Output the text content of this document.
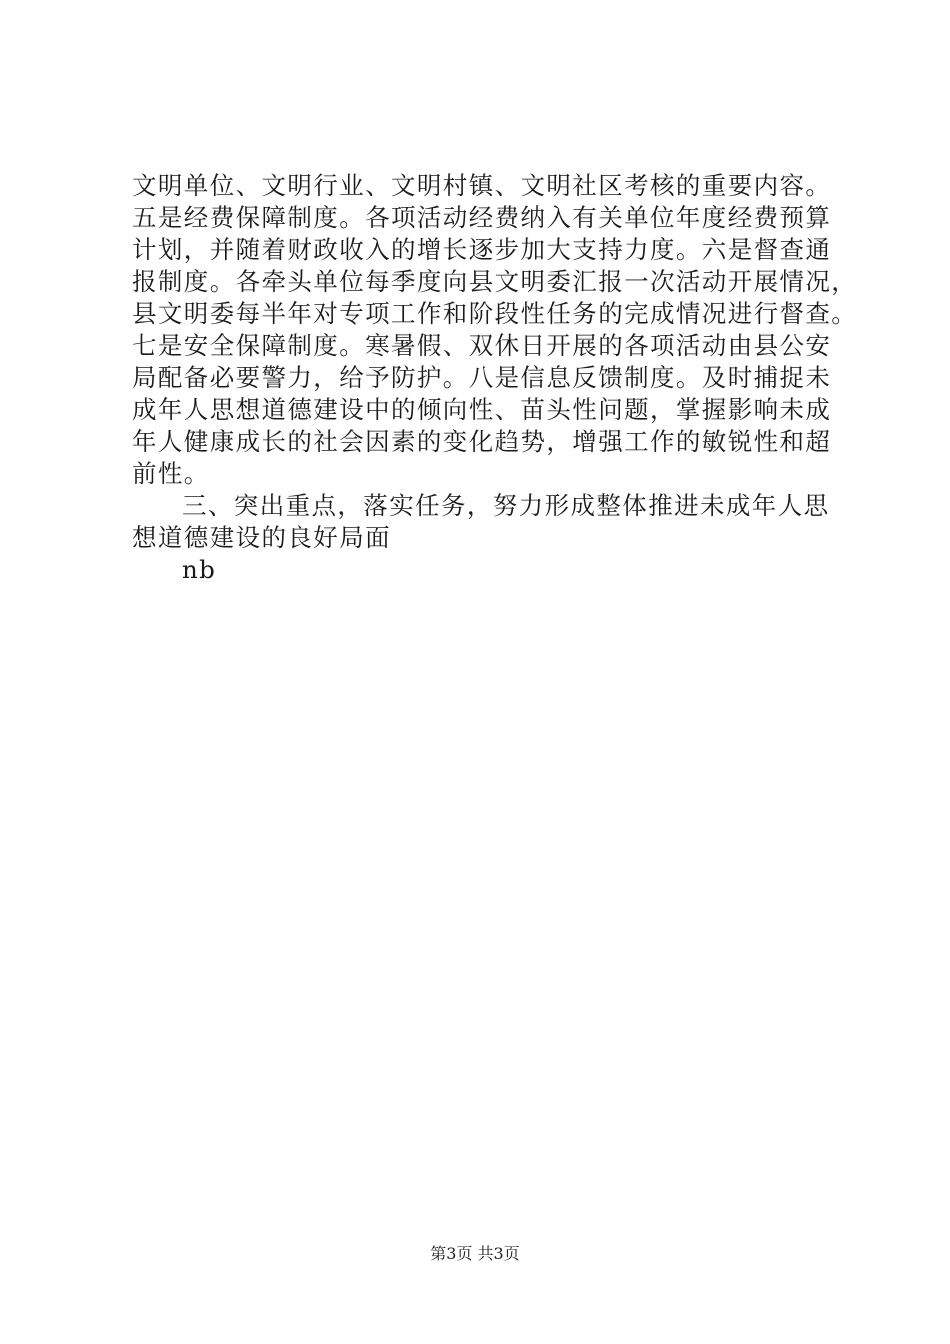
文明单位、文明行业、文明村镇、文明社区考核的重要内容。
五是经费保障制度。各项活动经费纳入有关单位年度经费预算
计划，并随着财政收入的增长逐步加大支持力度。六是督查通
报制度。各牵头单位每季度向县文明委汇报一次活动开展情况，
县文明委每半年对专项工作和阶段性任务的完成情况进行督查。
七是安全保障制度。寒暑假、双休日开展的各项活动由县公安
局配备必要警力，给予防护。八是信息反馈制度。及时捕捉未
成年人思想道德建设中的倾向性、苗头性问题，掌握影响未成
年人健康成长的社会因素的变化趋势，增强工作的敏锐性和超
前性。
三、突出重点，落实任务，努力形成整体推进未成年人思
想道德建设的良好局面
nb
第3页 共3页
